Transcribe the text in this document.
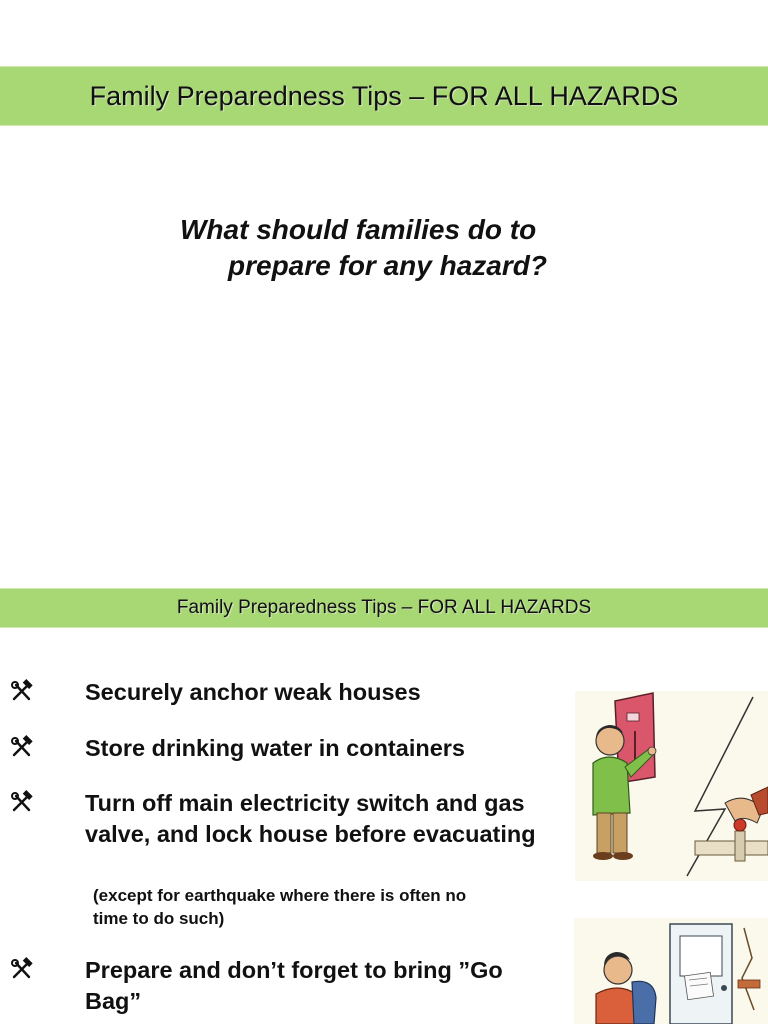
Family Preparedness Tips – FOR ALL HAZARDS
What should families do to
prepare for any hazard?
Family Preparedness Tips – FOR ALL HAZARDS
Securely anchor weak houses
Store drinking water in containers
Turn off main electricity switch and gas valve, and lock house before evacuating
(except for earthquake where there is often no
time to do such)
Prepare and don’t forget to bring ”Go Bag”
